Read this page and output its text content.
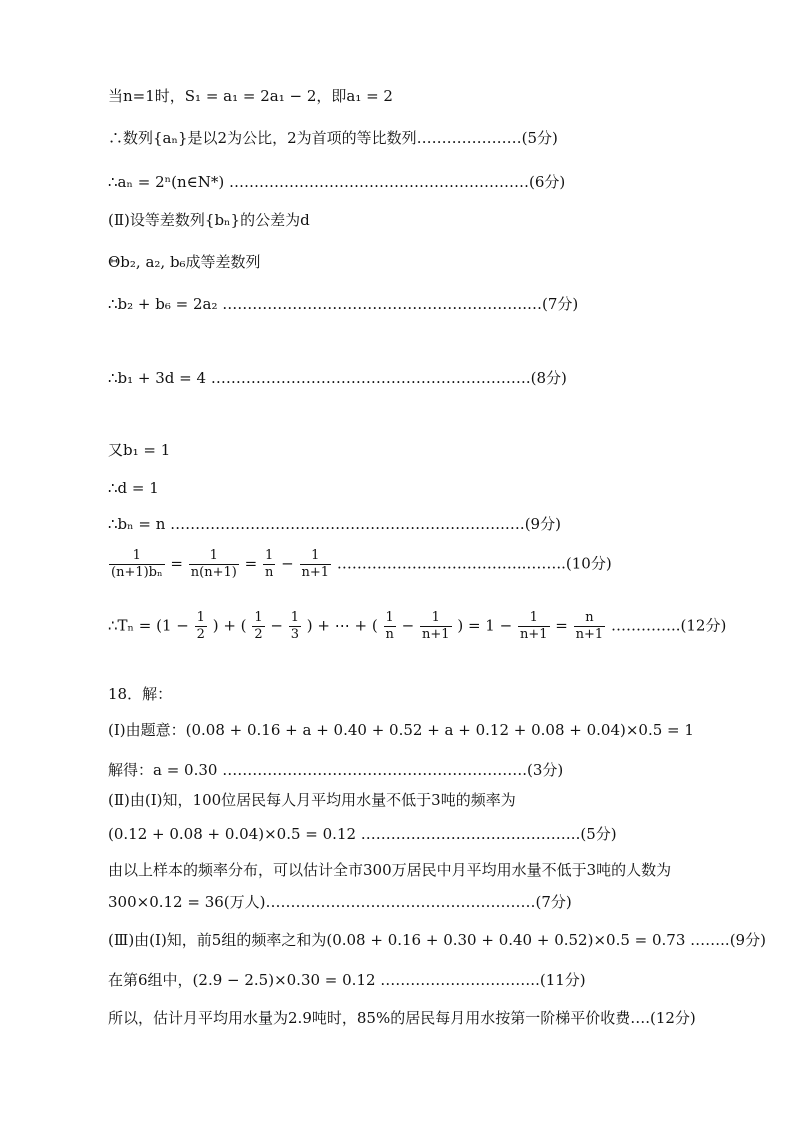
当n=1时，S₁ = a₁ = 2a₁ − 2，即a₁ = 2
∴数列{aₙ}是以2为公比，2为首项的等比数列…………………(5分)
∴aₙ = 2ⁿ(n∈N*) ……………………………………………………(6分)
(Ⅱ)设等差数列{bₙ}的公差为d
Θb₂, a₂, b₆成等差数列
∴b₂ + b₆ = 2a₂ …………………………………………………….…(7分)
∴b₁ + 3d = 4 ……………………………………………………….(8分)
又b₁ = 1
∴d = 1
∴bₙ = n ………………………………………………………….….(9分)
$\frac{1}{\text{(n+1)bₙ}} = \frac{1}{n(n+1)} = \frac{1}{n} - \frac{1}{n+1}$ ………………………………..……..(10分)
∴Tₙ = ($1 - \frac{1}{2}$ ) + ( $\frac{1}{2} - \frac{1}{3}$ ) + ⋯ + ( $\frac{1}{n} - \frac{1}{n+1}$ ) = $1 - \frac{1}{n+1} = \frac{n}{n+1}$ …………..(12分)
18．解：
(Ⅰ)由题意：(0.08 + 0.16 + a + 0.40 + 0.52 + a + 0.12 + 0.08 + 0.04)×0.5 = 1
解得：a = 0.30 …………………………………………………….(3分)
(Ⅱ)由(Ⅰ)知，100位居民每人月平均用水量不低于3吨的频率为
(0.12 + 0.08 + 0.04)×0.5 = 0.12 ……………………………………..(5分)
由以上样本的频率分布，可以估计全市300万居民中月平均用水量不低于3吨的人数为
300×0.12 = 36(万人)………………………………………………(7分)
(Ⅲ)由(Ⅰ)知，前5组的频率之和为(0.08 + 0.16 + 0.30 + 0.40 + 0.52)×0.5 = 0.73 ……..(9分)
在第6组中，(2.9 − 2.5)×0.30 = 0.12 …………………………..(11分)
所以，估计月平均用水量为2.9吨时，85%的居民每月用水按第一阶梯平价收费….(12分)
